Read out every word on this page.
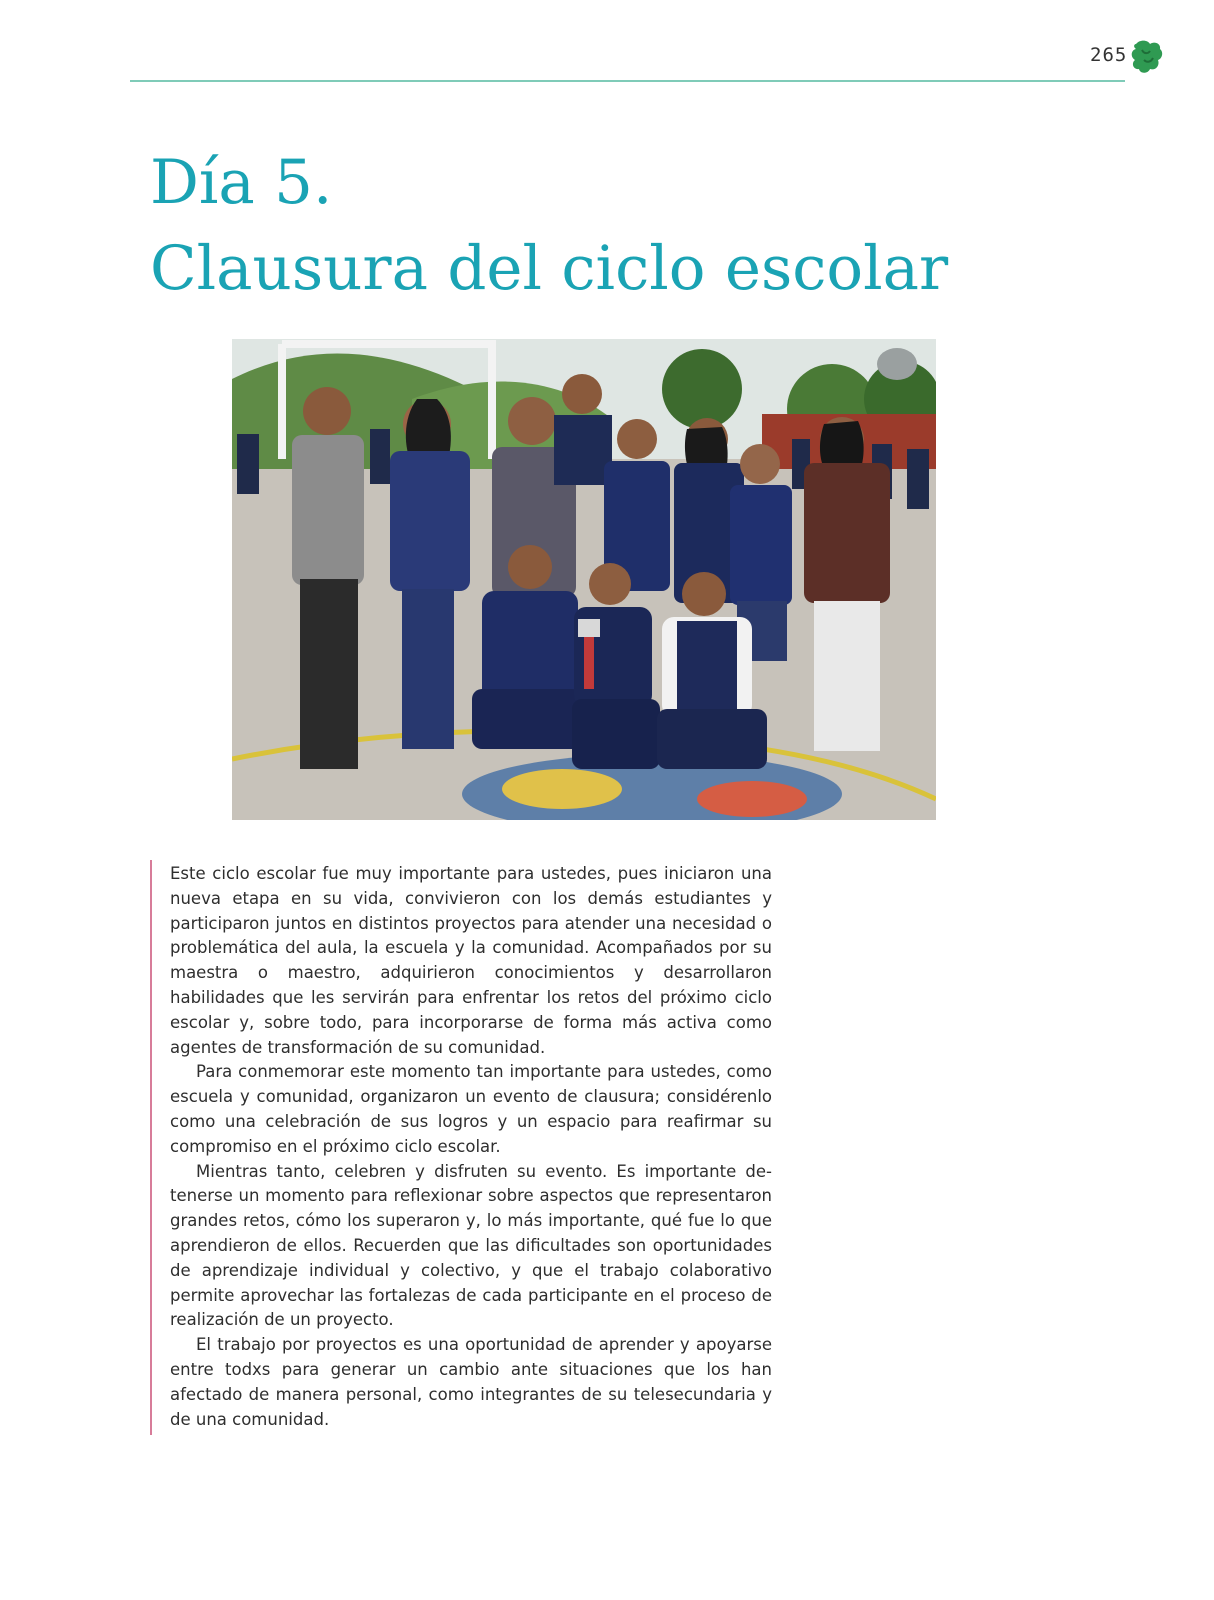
265
Día 5.
Clausura del ciclo escolar

Este ciclo escolar fue muy importante para ustedes, pues iniciaron una nueva etapa en su vida, convivieron con los demás estudiantes y participaron juntos en distintos proyectos para atender una necesidad o problemática del aula, la escuela y la comunidad. Acompañados por su maestra o maestro, adquirieron conocimientos y desarrollaron habilidades que les servirán para enfrentar los retos del próximo ciclo escolar y, sobre todo, para incorporarse de forma más activa como agentes de transformación de su comunidad.

Para conmemorar este momento tan importante para ustedes, como escuela y comunidad, organizaron un evento de clausura; considérenlo como una celebración de sus logros y un espacio para reafirmar su compromiso en el próximo ciclo escolar.

Mientras tanto, celebren y disfruten su evento. Es importante detenerse un momento para reflexionar sobre aspectos que representaron grandes retos, cómo los superaron y, lo más importante, qué fue lo que aprendieron de ellos. Recuerden que las dificultades son oportunidades de aprendizaje individual y colectivo, y que el trabajo colaborativo permite aprovechar las fortalezas de cada participante en el proceso de realización de un proyecto.

El trabajo por proyectos es una oportunidad de aprender y apoyarse entre todxs para generar un cambio ante situaciones que los han afectado de manera personal, como integrantes de su telesecundaria y de una comunidad.
